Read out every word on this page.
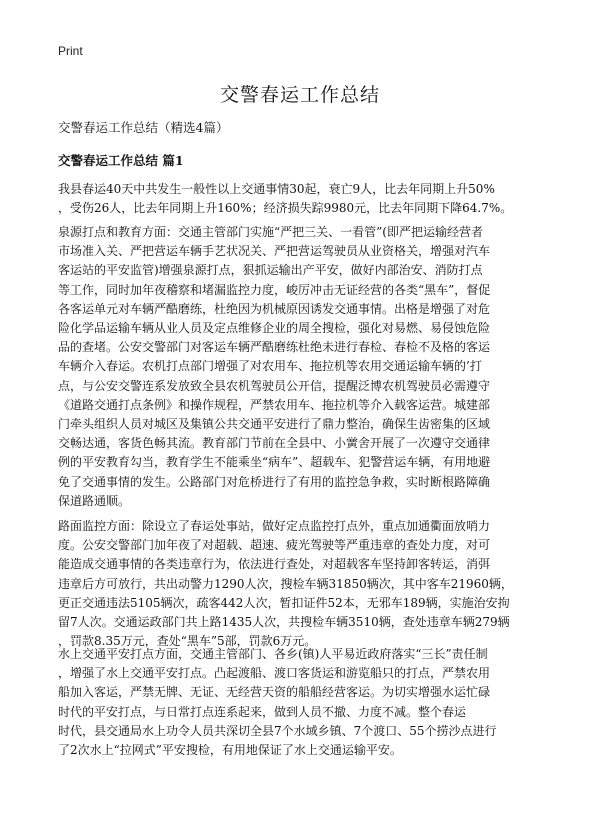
Print
交警春运工作总结

交警春运工作总结（精选4篇）

交警春运工作总结 篇1

我县春运40天中共发生一般性以上交通事情30起，衰亡9人，比去年同期上升50%
，受伤26人，比去年同期上升160%；经济损失踪9980元，比去年同期下降64.7%。

泉源打点和教育方面：交通主管部门实施“严把三关、一看管”(即严把运输经营者
市场准入关、严把营运车辆手艺状况关、严把营运驾驶员从业资格关，增强对汽车
客运站的平安监管)增强泉源打点，狠抓运输出产平安，做好内部治安、消防打点
等工作，同时加年夜稽察和堵漏监控力度，峻厉冲击无证经营的各类“黑车”，督促
各客运单元对车辆严酷磨练，杜绝因为机械原因诱发交通事情。出格是增强了对危
险化学品运输车辆从业人员及定点维修企业的周全搜检，强化对易燃、易侵蚀危险
品的查堵。公安交警部门对客运车辆严酷磨练杜绝未进行春检、春检不及格的客运
车辆介入春运。农机打点部门增强了对农用车、拖拉机等农用交通运输车辆的’打
点，与公安交警连系发放致全县农机驾驶员公开信，提醒泛博农机驾驶员必需遵守
《道路交通打点条例》和操作规程，严禁农用车、拖拉机等介入载客运营。城建部
门牵头组织人员对城区及集镇公共交通平安进行了鼎力整治，确保生齿密集的区域
交畅达通，客货色畅其流。教育部门节前在全县中、小黉舍开展了一次遵守交通律
例的平安教育勾当，教育学生不能乘坐“病车”、超载车、犯警营运车辆，有用地避
免了交通事情的发生。公路部门对危桥进行了有用的监控急争救，实时断根路障确
保道路通顺。

路面监控方面：除设立了春运处事站，做好定点监控打点外，重点加通衢面放哨力
度。公安交警部门加年夜了对超载、超速、疲光驾驶等严重违章的查处力度，对可
能造成交通事情的各类违章行为，依法进行查处，对超载客车坚持卸客转运，消弭
违章后方可放行，共出动警力1290人次，搜检车辆31850辆次，其中客车21960辆，
更正交通违法5105辆次，疏客442人次，暂扣证件52本，无邪车189辆，实施治安拘
留7人次。交通运政部门共上路1435人次，共搜检车辆3510辆，查处违章车辆279辆
，罚款8.35万元，查处“黑车”5部，罚款6万元。

水上交通平安打点方面，交通主管部门、各乡(镇)人平易近政府落实“三长”责任制
，增强了水上交通平安打点。凸起渡船、渡口客货运和游览船只的打点，严禁农用
船加入客运，严禁无牌、无证、无经营天资的船船经营客运。为切实增强水运忙碌
时代的平安打点，与日常打点连系起来，做到人员不撤、力度不减。整个春运
时代，县交通局水上功令人员共深切全县7个水域乡镇、7个渡口、55个捞沙点进行
了2次水上“拉网式”平安搜检，有用地保证了水上交通运输平安。
